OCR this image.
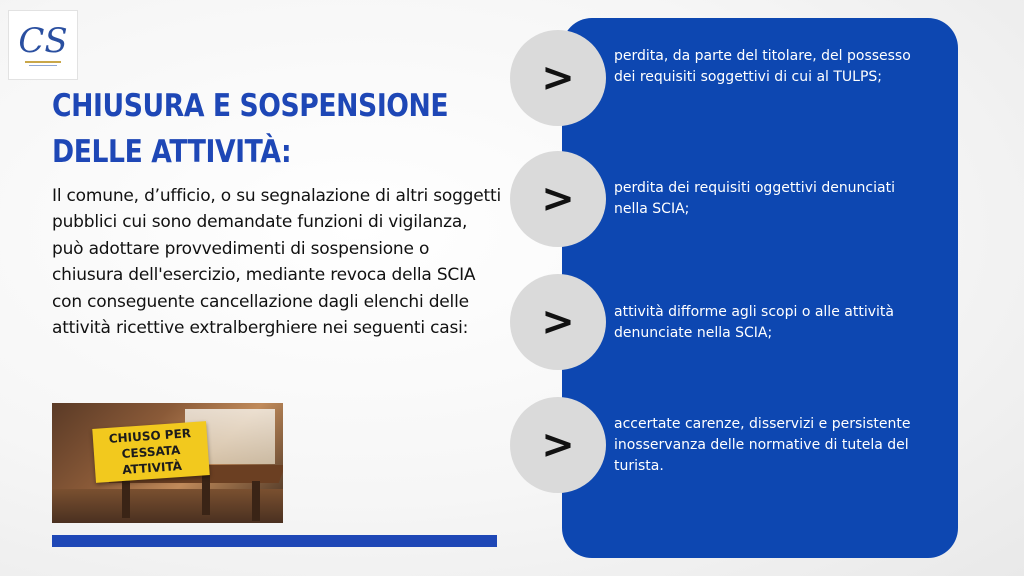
CS
CHIUSURA E SOSPENSIONE
DELLE ATTIVITÀ:

Il comune, d’ufficio, o su segnalazione di altri soggetti pubblici cui sono demandate funzioni di vigilanza, può adottare provvedimenti di sospensione o chiusura dell'esercizio, mediante revoca della SCIA con conseguente cancellazione dagli elenchi delle attività ricettive extralberghiere nei seguenti casi:

CHIUSO PER
CESSATA ATTIVITÀ
>	perdita, da parte del titolare, del possesso dei requisiti soggettivi di cui al TULPS;

>	perdita dei requisiti oggettivi denunciati nella SCIA;

>	attività difforme agli scopi o alle attività denunciate nella SCIA;

>	accertate carenze, disservizi e persistente inosservanza delle normative di tutela del turista.
